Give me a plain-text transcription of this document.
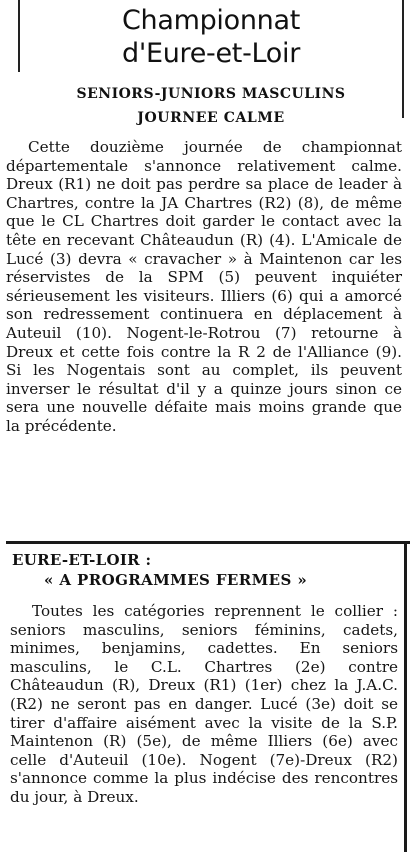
Championnat
d'Eure-et-Loir
SENIORS-JUNIORS MASCULINS
JOURNEE CALME

Cette douzième journée de championnat départementale s'annonce relativement calme. Dreux (R1) ne doit pas perdre sa place de leader à Chartres, contre la JA Chartres (R2) (8), de même que le CL Chartres doit garder le contact avec la tête en recevant Châteaudun (R) (4). L'Amicale de Lucé (3) devra « cravacher » à Maintenon car les réservistes de la SPM (5) peuvent inquiéter sérieusement les visiteurs. Illiers (6) qui a amorcé son redressement continuera en déplacement à Auteuil (10). Nogent-le-Rotrou (7) retourne à Dreux et cette fois contre la R 2 de l'Alliance (9). Si les Nogentais sont au complet, ils peuvent inverser le résultat d'il y a quinze jours sinon ce sera une nouvelle défaite mais moins grande que la précédente.

EURE-ET-LOIR :
« A PROGRAMMES FERMES »

Toutes les catégories reprennent le collier : seniors masculins, seniors féminins, cadets, minimes, benjamins, cadettes. En seniors masculins, le C.L. Chartres (2e) contre Châteaudun (R), Dreux (R1) (1er) chez la J.A.C. (R2) ne seront pas en danger. Lucé (3e) doit se tirer d'affaire aisément avec la visite de la S.P. Maintenon (R) (5e), de même Illiers (6e) avec celle d'Auteuil (10e). Nogent (7e)-Dreux (R2) s'annonce comme la plus indécise des rencontres du jour, à Dreux.
